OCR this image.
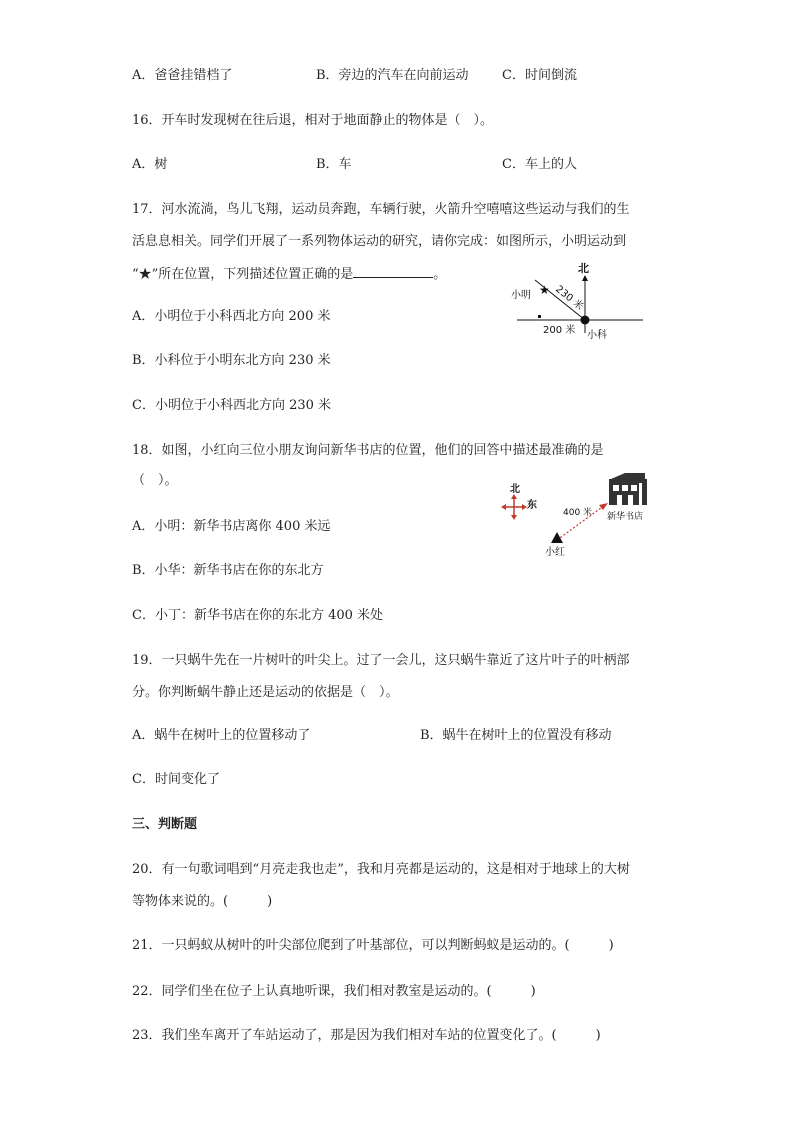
A．爸爸挂错档了	B．旁边的汽车在向前运动	C．时间倒流
16．开车时发现树在往后退，相对于地面静止的物体是（　）。
A．树	B．车	C．车上的人
17．河水流淌，鸟儿飞翔，运动员奔跑，车辆行驶，火箭升空嘻嘻这些运动与我们的生
活息息相关。同学们开展了一系列物体运动的研究，请你完成：如图所示，小明运动到
“★”所在位置，下列描述位置正确的是	。
A．小明位于小科西北方向 200 米
B．小科位于小明东北方向 230 米
C．小明位于小科西北方向 230 米
北
★
小明 230 米
小科
200 米
18．如图，小红向三位小朋友询问新华书店的位置，他们的回答中描述最准确的是
（　）。
A．小明：新华书店离你 400 米远
B．小华：新华书店在你的东北方
C．小丁：新华书店在你的东北方 400 米处
北
东
400 米 新华书店
小红
19．一只蜗牛先在一片树叶的叶尖上。过了一会儿，这只蜗牛靠近了这片叶子的叶柄部
分。你判断蜗牛静止还是运动的依据是（　）。
A．蜗牛在树叶上的位置移动了	B．蜗牛在树叶上的位置没有移动
C．时间变化了
三、判断题
20．有一句歌词唱到“月亮走我也走”，我和月亮都是运动的，这是相对于地球上的大树
等物体来说的。(　　　)
21．一只蚂蚁从树叶的叶尖部位爬到了叶基部位，可以判断蚂蚁是运动的。(　　　)
22．同学们坐在位子上认真地听课，我们相对教室是运动的。(　　　)
23．我们坐车离开了车站运动了，那是因为我们相对车站的位置变化了。(　　　)
